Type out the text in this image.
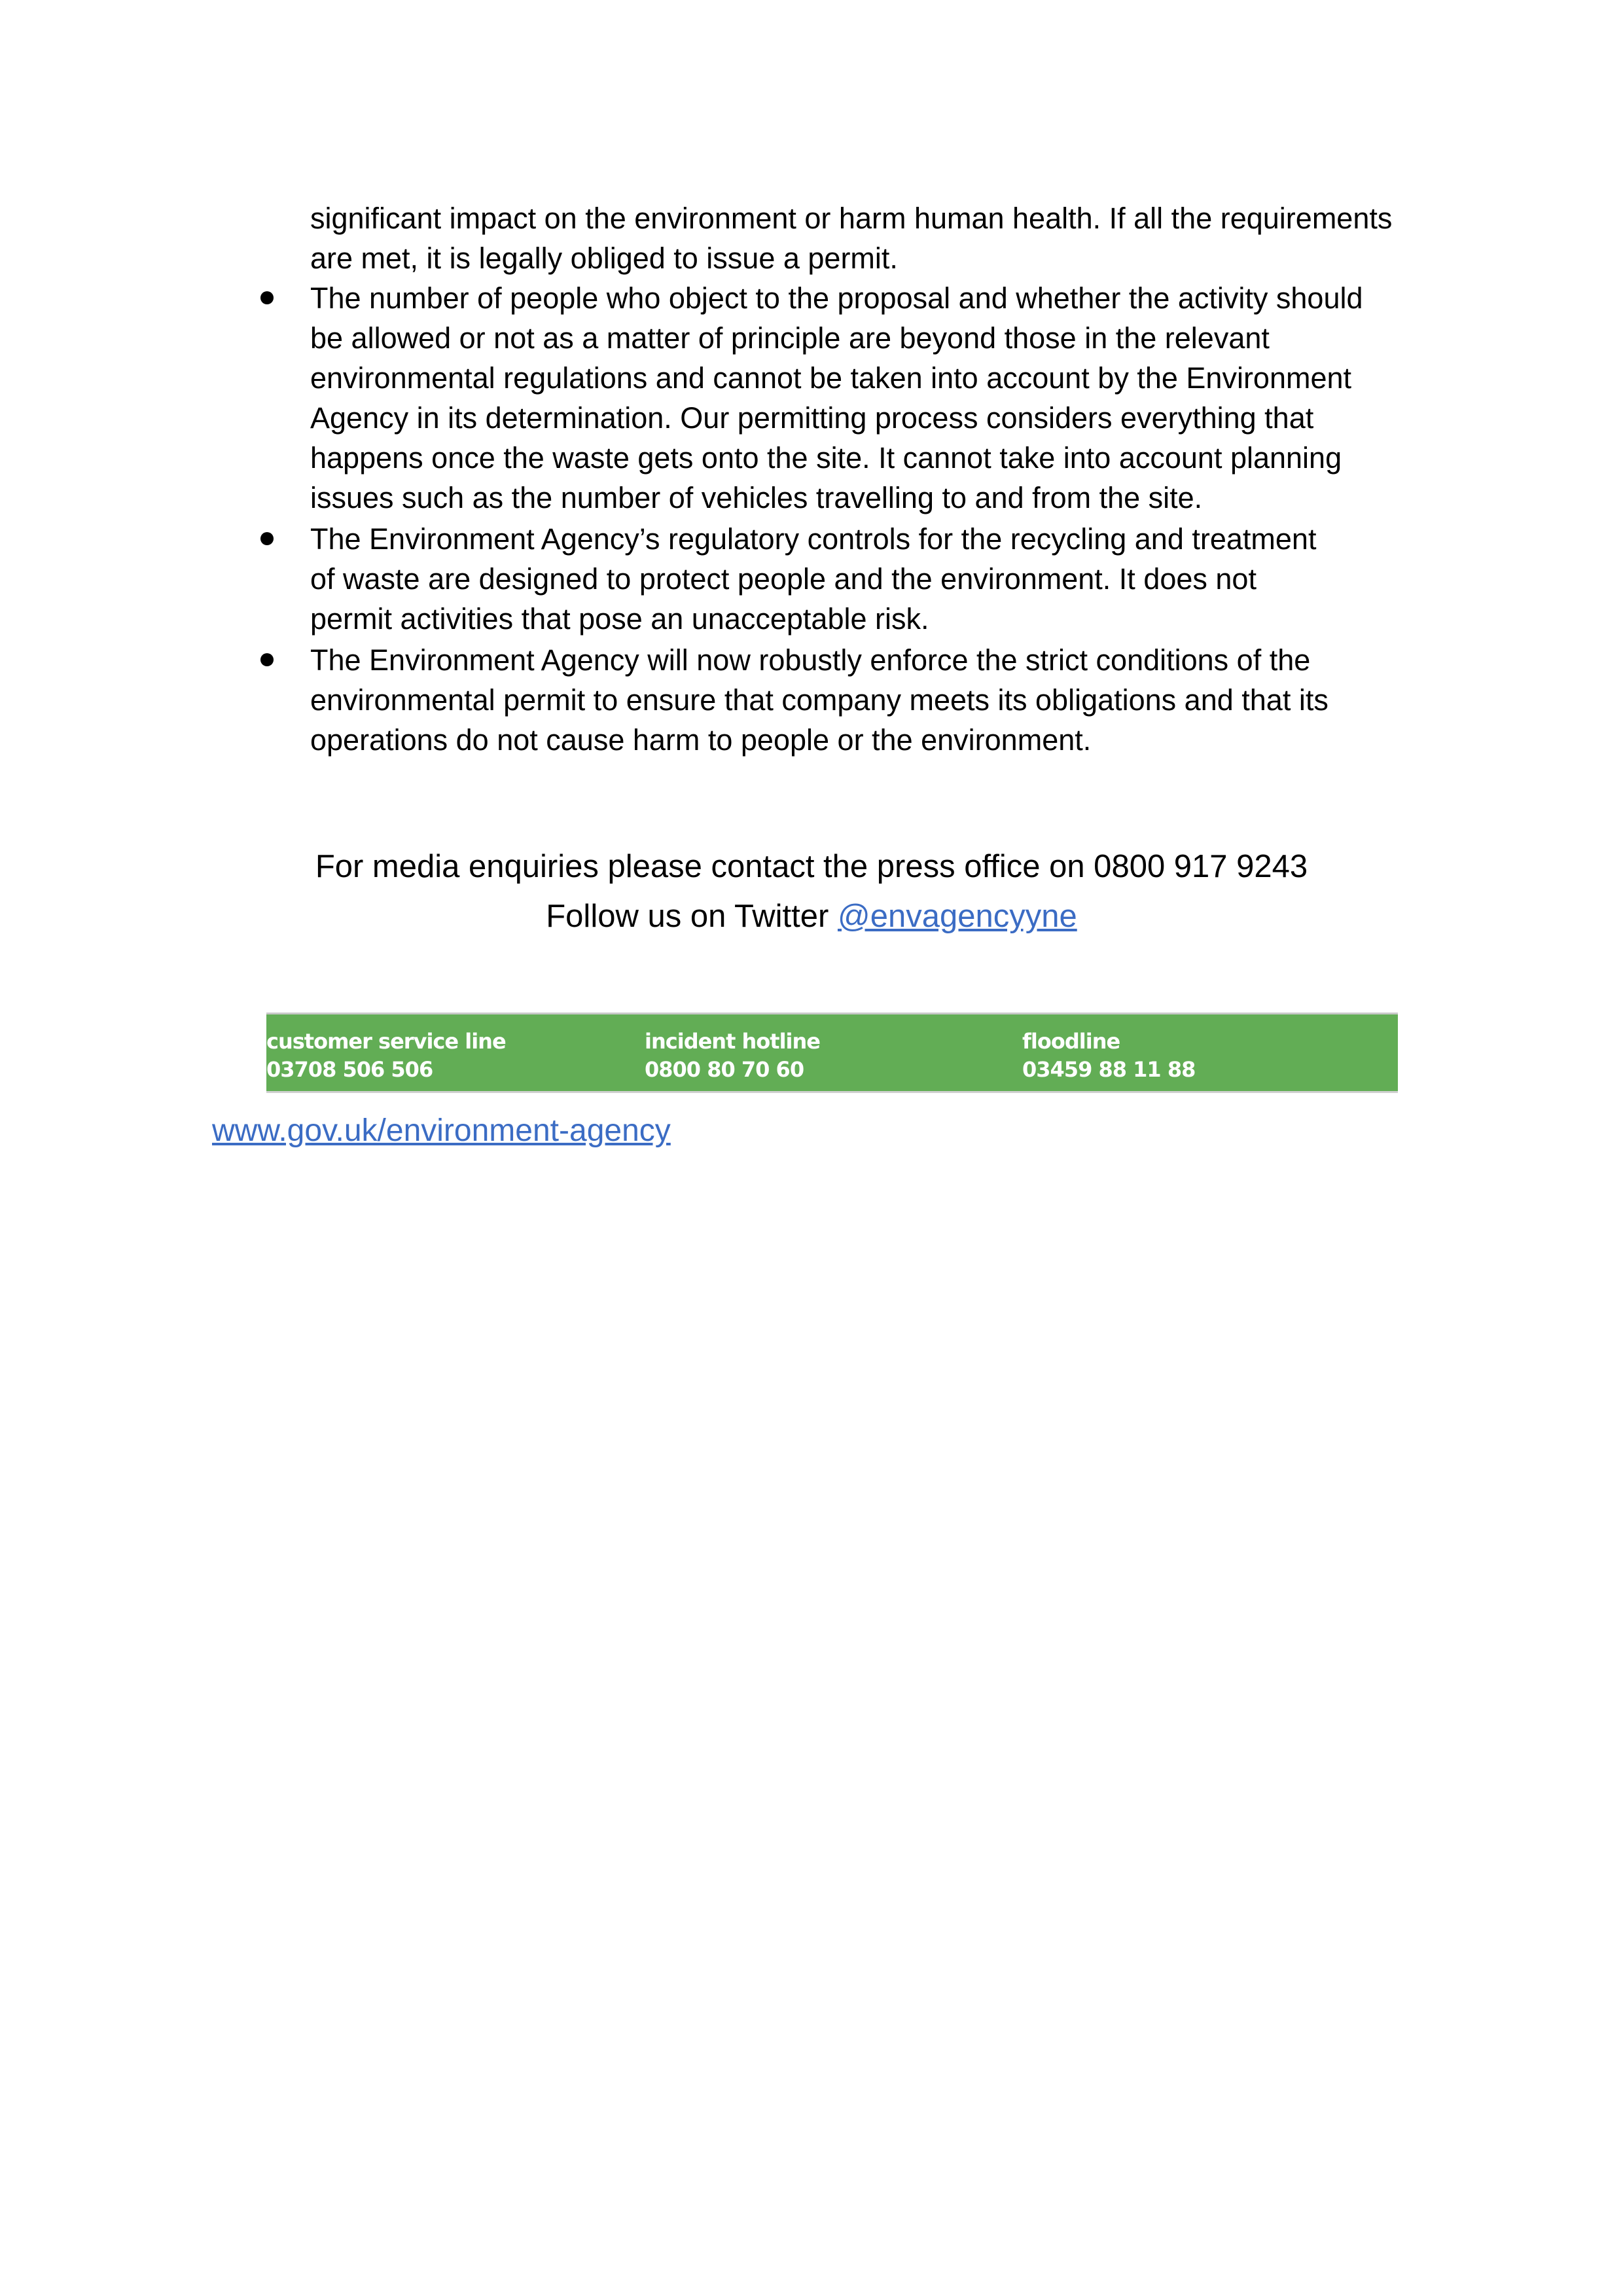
significant impact on the environment or harm human health. If all the requirements
are met, it is legally obliged to issue a permit.
The number of people who object to the proposal and whether the activity should
be allowed or not as a matter of principle are beyond those in the relevant
environmental regulations and cannot be taken into account by the Environment
Agency in its determination. Our permitting process considers everything that
happens once the waste gets onto the site. It cannot take into account planning
issues such as the number of vehicles travelling to and from the site.
The Environment Agency’s regulatory controls for the recycling and treatment
of waste are designed to protect people and the environment. It does not
permit activities that pose an unacceptable risk.
The Environment Agency will now robustly enforce the strict conditions of the
environmental permit to ensure that company meets its obligations and that its
operations do not cause harm to people or the environment.
For media enquiries please contact the press office on 0800 917 9243
Follow us on Twitter @envagencyyne
customer service line
03708 506 506
incident hotline
0800 80 70 60
floodline
03459 88 11 88
www.gov.uk/environment-agency
